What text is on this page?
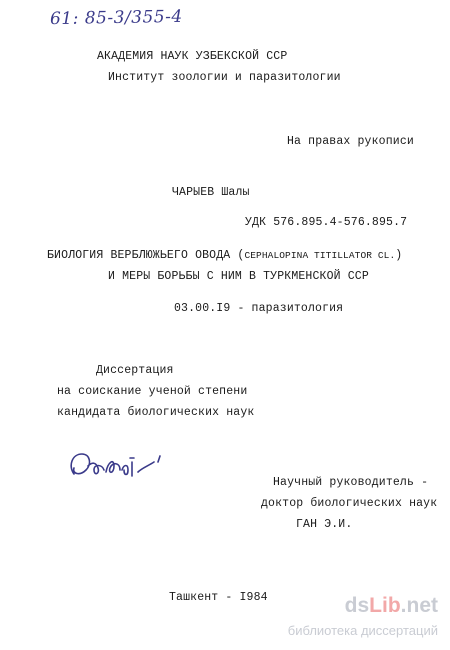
61: 85-3/355-4
АКАДЕМИЯ НАУК УЗБЕКСКОЙ ССР
Институт зоологии и паразитологии
На правах рукописи
ЧАРЫЕВ Шалы
УДК 576.895.4-576.895.7
БИОЛОГИЯ ВЕРБЛЮЖЬЕГО ОВОДА (CEPHALOPINA TITILLATOR CL.)
И МЕРЫ БОРЬБЫ С НИМ В ТУРКМЕНСКОЙ ССР
03.00.I9 - паразитология
Диссертация
на соискание ученой степени
кандидата биологических наук
Научный руководитель -
доктор биологических наук
ГАН Э.И.
Ташкент - I984	dsLib.net
библиотека диссертаций
